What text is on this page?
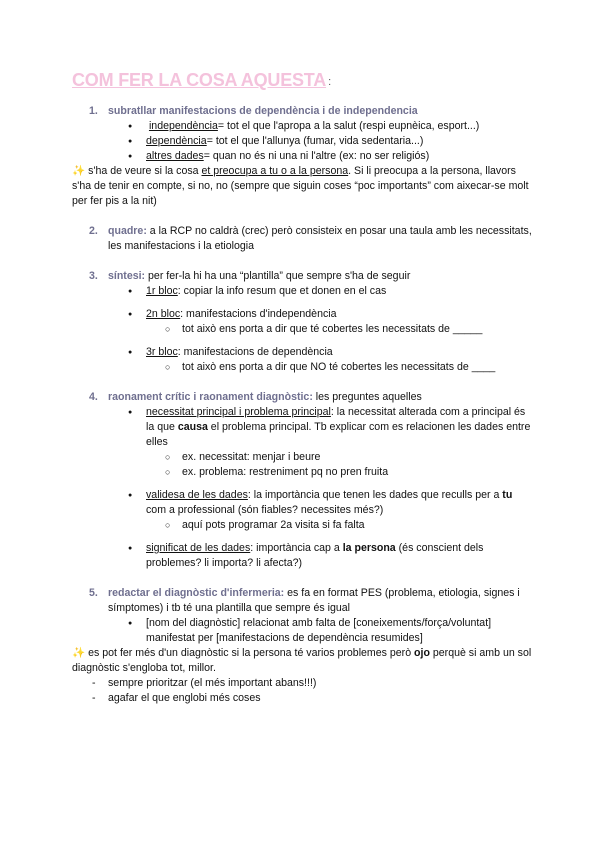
COM FER LA COSA AQUESTA :
1. subratllar manifestacions de dependència i de independencia
● independència= tot el que l'apropa a la salut (respi eupnèica, esport...)
● dependència= tot el que l'allunya (fumar, vida sedentaria...)
● altres dades= quan no és ni una ni l'altre (ex: no ser religiós)
✨ s'ha de veure si la cosa et preocupa a tu o a la persona. Si li preocupa a la persona, llavors s'ha de tenir en compte, si no, no (sempre que siguin coses “poc importants” com aixecar-se molt per fer pis a la nit)
2. quadre: a la RCP no caldrà (crec) però consisteix en posar una taula amb les necessitats, les manifestacions i la etiologia
3. síntesi: per fer-la hi ha una “plantilla” que sempre s'ha de seguir
● 1r bloc: copiar la info resum que et donen en el cas
● 2n bloc: manifestacions d'independència
○ tot això ens porta a dir que té cobertes les necessitats de _____
● 3r bloc: manifestacions de dependència
○ tot això ens porta a dir que NO té cobertes les necessitats de ____
4. raonament crític i raonament diagnòstic: les preguntes aquelles
● necessitat principal i problema principal: la necessitat alterada com a principal és la que causa el problema principal. Tb explicar com es relacionen les dades entre elles
○ ex. necessitat: menjar i beure
○ ex. problema: restreniment pq no pren fruita
● validesa de les dades: la importància que tenen les dades que reculls per a tu com a professional (són fiables? necessites més?)
○ aquí pots programar 2a visita si fa falta
● significat de les dades: importància cap a la persona (és conscient dels problemes? li importa? li afecta?)
5. redactar el diagnòstic d'infermeria: es fa en format PES (problema, etiologia, signes i símptomes) i tb té una plantilla que sempre és igual
● [nom del diagnòstic] relacionat amb falta de [coneixements/força/voluntat] manifestat per [manifestacions de dependència resumides]
✨ es pot fer més d'un diagnòstic si la persona té varios problemes però ojo perquè si amb un sol diagnòstic s'engloba tot, millor.
- sempre prioritzar (el més important abans!!!)
- agafar el que englobi més coses
